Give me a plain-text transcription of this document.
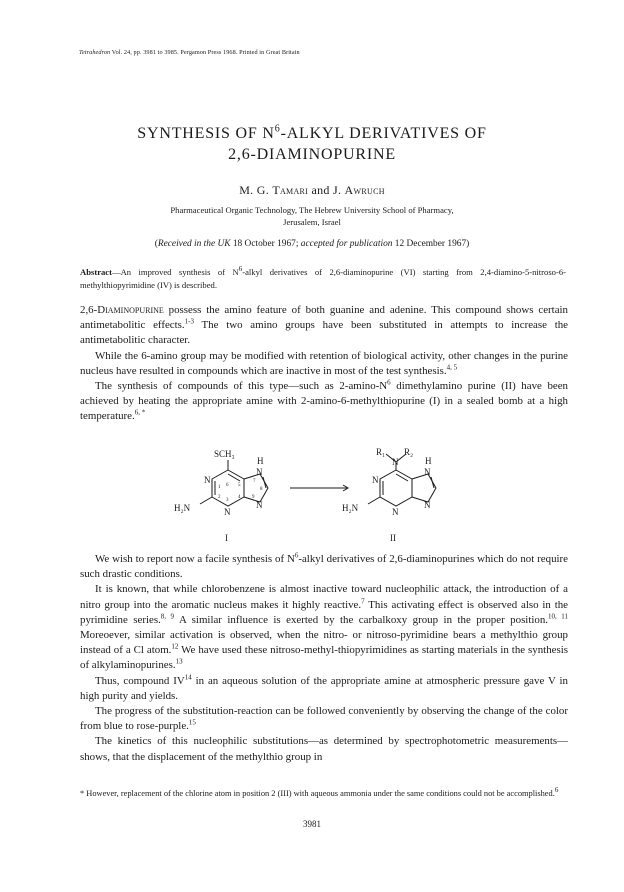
Tetrahedron Vol. 24, pp. 3981 to 3985. Pergamon Press 1968. Printed in Great Britain
SYNTHESIS OF $N^6$-ALKYL DERIVATIVES OF
2,6-DIAMINOPURINE
M. G. Tamari and J. Awruch
Pharmaceutical Organic Technology, The Hebrew University School of Pharmacy,
Jerusalem, Israel
(Received in the UK 18 October 1967; accepted for publication 12 December 1967)
Abstract—An improved synthesis of $N^6$-alkyl derivatives of 2,6-diaminopurine (VI) starting from 2,4-diamino-5-nitroso-6-methylthiopyrimidine (IV) is described.

2,6-Diaminopurine possess the amino feature of both guanine and adenine. This compound shows certain antimetabolitic effects.$^{1-3}$ The two amino groups have been substituted in attempts to increase the antimetabolitic character.

While the 6-amino group may be modified with retention of biological activity, other changes in the purine nucleus have resulted in compounds which are inactive in most of the test synthesis.$^{4, 5}$

The synthesis of compounds of this type—such as $2-amino-N^6$ dimethylamino purine (II) have been achieved by heating the appropriate amine with 2-amino-6-methylthiopurine (I) in a sealed bomb at a high temperature.$^{6, *}$

SCH₃
H
N
N
N
N
H₂N
6
1
2
3
4
5
7
8
9
I
R₁ R₂
N	H
N
N
N
N
H₂N
II

We wish to report now a facile synthesis of $N^6$-alkyl derivatives of 2,6-diaminopurines which do not require such drastic conditions.

It is known, that while chlorobenzene is almost inactive toward nucleophilic attack, the introduction of a nitro group into the aromatic nucleus makes it highly reactive.$^7$ This activating effect is observed also in the pyrimidine series.$^{8, 9}$ A similar influence is exerted by the carbalkoxy group in the proper position.$^{10, 11}$ Moreoever, similar activation is observed, when the nitro- or nitroso-pyrimidine bears a methylthio group instead of a Cl atom.$^{12}$ We have used these nitroso-methyl-thiopyrimidines as starting materials in the synthesis of alkylaminopurines.$^{13}$

Thus, compound IV$^{14}$ in an aqueous solution of the appropriate amine at atmospheric pressure gave V in high purity and yields.

The progress of the substitution-reaction can be followed conveniently by observing the change of the color from blue to rose-purple.$^{15}$

The kinetics of this nucleophilic substitutions—as determined by spectrophotometric measurements—shows, that the displacement of the methylthio group in

* However, replacement of the chlorine atom in position 2 (III) with aqueous ammonia under the same conditions could not be accomplished.$^6$
3981
